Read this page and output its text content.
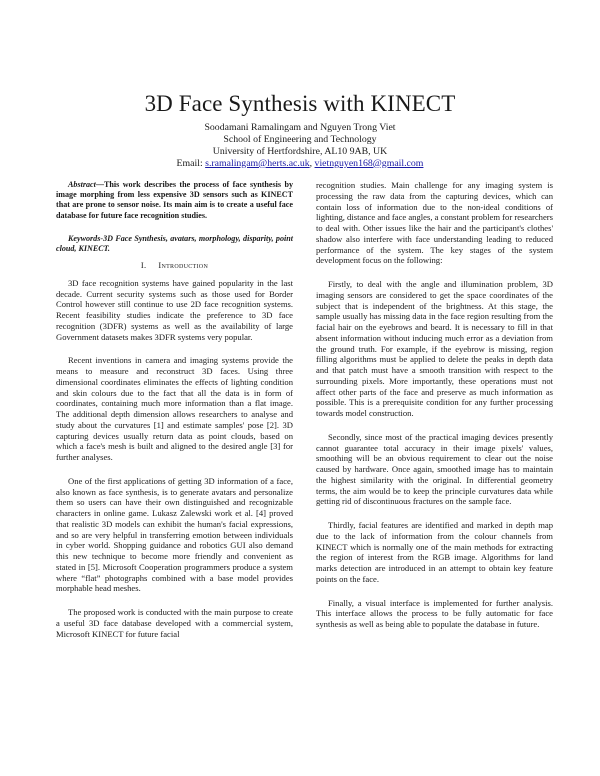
3D Face Synthesis with KINECT
Soodamani Ramalingam and Nguyen Trong Viet
School of Engineering and Technology
University of Hertfordshire, AL10 9AB, UK
Email: s.ramalingam@herts.ac.uk, vietnguyen168@gmail.com

Abstract—This work describes the process of face synthesis by image morphing from less expensive 3D sensors such as KINECT that are prone to sensor noise. Its main aim is to create a useful face database for future face recognition studies.

Keywords-3D Face Synthesis, avatars, morphology, disparity, point cloud, KINECT.

I. Introduction

3D face recognition systems have gained popularity in the last decade. Current security systems such as those used for Border Control however still continue to use 2D face recognition systems. Recent feasibility studies indicate the preference to 3D face recognition (3DFR) systems as well as the availability of large Government datasets makes 3DFR systems very popular.

Recent inventions in camera and imaging systems provide the means to measure and reconstruct 3D faces. Using three dimensional coordinates eliminates the effects of lighting condition and skin colours due to the fact that all the data is in form of coordinates, containing much more information than a flat image. The additional depth dimension allows researchers to analyse and study about the curvatures [1] and estimate samples' pose [2]. 3D capturing devices usually return data as point clouds, based on which a face's mesh is built and aligned to the desired angle [3] for further analyses.

One of the first applications of getting 3D information of a face, also known as face synthesis, is to generate avatars and personalize them so users can have their own distinguished and recognizable characters in online game. Lukasz Zalewski work et al. [4] proved that realistic 3D models can exhibit the human's facial expressions, and so are very helpful in transferring emotion between individuals in cyber world. Shopping guidance and robotics GUI also demand this new technique to become more friendly and convenient as stated in [5]. Microsoft Cooperation programmers produce a system where “flat” photographs combined with a base model provides morphable head meshes.

The proposed work is conducted with the main purpose to create a useful 3D face database developed with a commercial system, Microsoft KINECT for future facial

recognition studies. Main challenge for any imaging system is processing the raw data from the capturing devices, which can contain loss of information due to the non-ideal conditions of lighting, distance and face angles, a constant problem for researchers to deal with. Other issues like the hair and the participant's clothes' shadow also interfere with face understanding leading to reduced performance of the system. The key stages of the system development focus on the following:

Firstly, to deal with the angle and illumination problem, 3D imaging sensors are considered to get the space coordinates of the subject that is independent of the brightness. At this stage, the sample usually has missing data in the face region resulting from the facial hair on the eyebrows and beard. It is necessary to fill in that absent information without inducing much error as a deviation from the ground truth. For example, if the eyebrow is missing, region filling algorithms must be applied to delete the peaks in depth data and that patch must have a smooth transition with respect to the surrounding pixels. More importantly, these operations must not affect other parts of the face and preserve as much information as possible. This is a prerequisite condition for any further processing towards model construction.

Secondly, since most of the practical imaging devices presently cannot guarantee total accuracy in their image pixels' values, smoothing will be an obvious requirement to clear out the noise caused by hardware. Once again, smoothed image has to maintain the highest similarity with the original. In differential geometry terms, the aim would be to keep the principle curvatures data while getting rid of discontinuous fractures on the sample face.

Thirdly, facial features are identified and marked in depth map due to the lack of information from the colour channels from KINECT which is normally one of the main methods for extracting the region of interest from the RGB image. Algorithms for land marks detection are introduced in an attempt to obtain key feature points on the face.

Finally, a visual interface is implemented for further analysis. This interface allows the process to be fully automatic for face synthesis as well as being able to populate the database in future.
